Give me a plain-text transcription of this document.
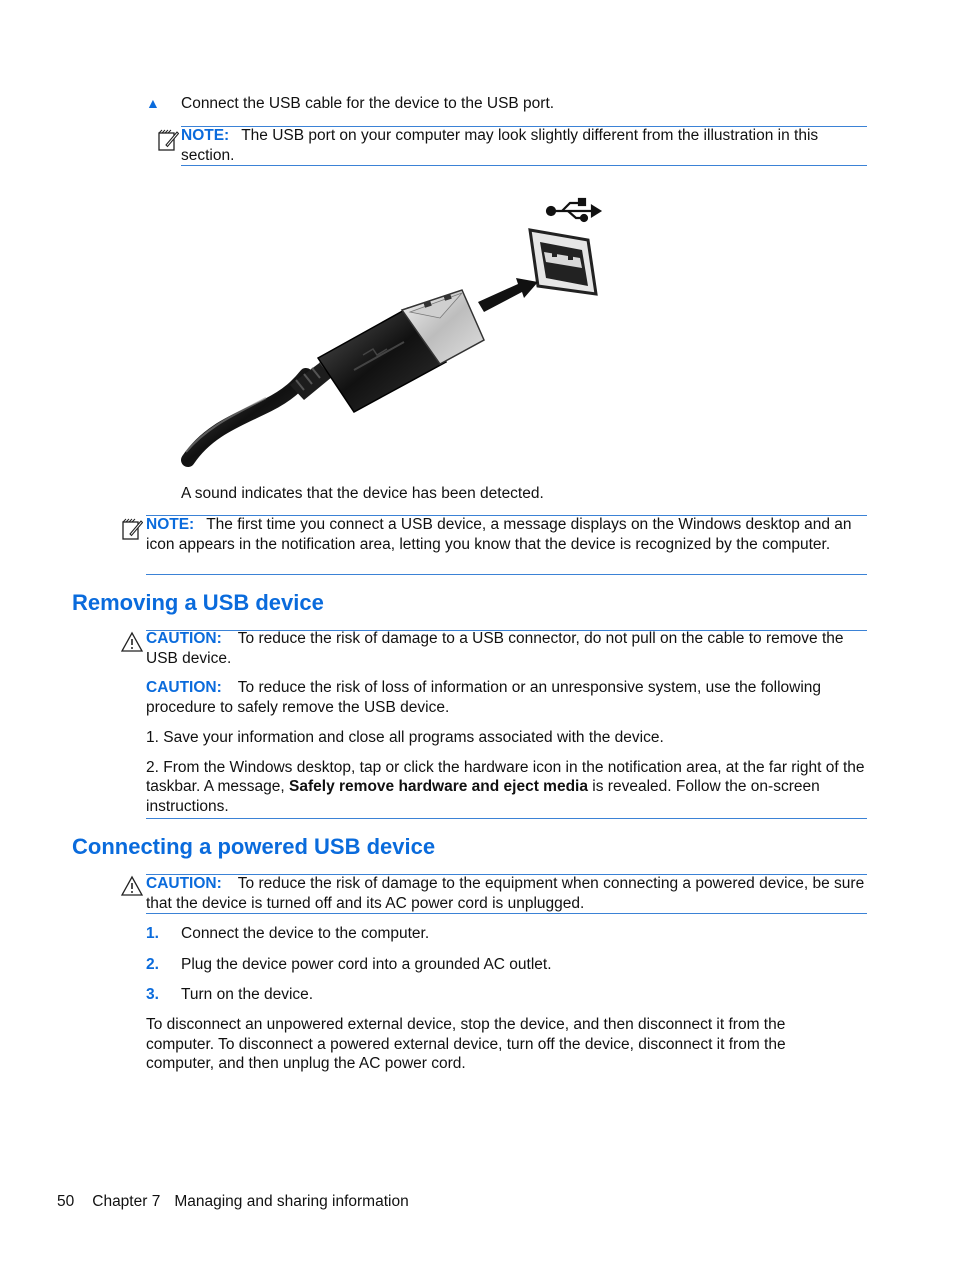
▲ Connect the USB cable for the device to the USB port.

NOTE: The USB port on your computer may look slightly different from the illustration in this section.

A sound indicates that the device has been detected.

NOTE: The first time you connect a USB device, a message displays on the Windows desktop and an icon appears in the notification area, letting you know that the device is recognized by the computer.

Removing a USB device

CAUTION: To reduce the risk of damage to a USB connector, do not pull on the cable to remove the USB device.

CAUTION: To reduce the risk of loss of information or an unresponsive system, use the following procedure to safely remove the USB device.

1. Save your information and close all programs associated with the device.

2. From the Windows desktop, tap or click the hardware icon in the notification area, at the far right of the taskbar. A message, Safely remove hardware and eject media is revealed. Follow the on-screen instructions.

Connecting a powered USB device

CAUTION: To reduce the risk of damage to the equipment when connecting a powered device, be sure that the device is turned off and its AC power cord is unplugged.

1. Connect the device to the computer.
2. Plug the device power cord into a grounded AC outlet.
3. Turn on the device.
To disconnect an unpowered external device, stop the device, and then disconnect it from the computer. To disconnect a powered external device, turn off the device, disconnect it from the computer, and then unplug the AC power cord.
50 Chapter 7 Managing and sharing information
